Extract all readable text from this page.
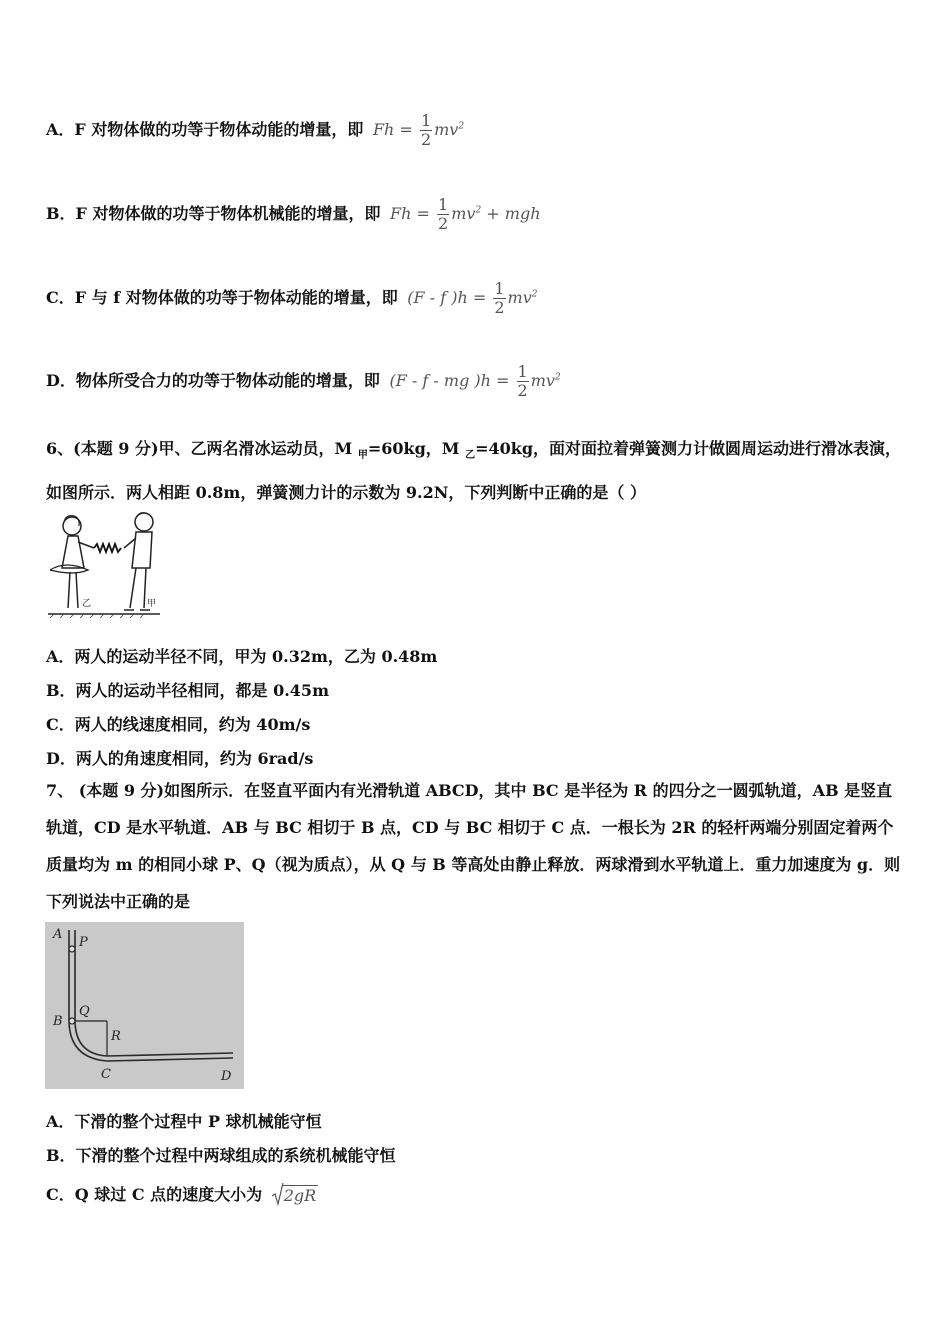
A．F 对物体做的功等于物体动能的增量，即 $Fh = \frac{1}{2} mv^2$
B．F 对物体做的功等于物体机械能的增量，即 $Fh = \frac{1}{2} mv^2$ + mgh
C．F 与 f 对物体做的功等于物体动能的增量，即 (F - f )$h = \frac{1}{2} mv^2$
D．物体所受合力的功等于物体动能的增量，即 (F - f - mg )$h = \frac{1}{2} mv^2$
6、(本题 9 分)甲、乙两名滑冰运动员，M $_甲$=60kg，M $_乙$=40kg，面对面拉着弹簧测力计做圆周运动进行滑冰表演，如图所示．两人相距 0.8m，弹簧测力计的示数为 9.2N，下列判断中正确的是（ ）
乙	甲
A．两人的运动半径不同，甲为 0.32m，乙为 0.48m
B．两人的运动半径相同，都是 0.45m
C．两人的线速度相同，约为 40m/s
D．两人的角速度相同，约为 6rad/s
7、 (本题 9 分)如图所示．在竖直平面内有光滑轨道 ABCD，其中 BC 是半径为 R 的四分之一圆弧轨道，AB 是竖直轨道，CD 是水平轨道．AB 与 BC 相切于 B 点，CD 与 BC 相切于 C 点．一根长为 2R 的轻杆两端分别固定着两个质量均为 m 的相同小球 P、Q（视为质点），从 Q 与 B 等高处由静止释放．两球滑到水平轨道上．重力加速度为 g．则下列说法中正确的是
A
P
Q
B
R
C	D
A．下滑的整个过程中 P 球机械能守恒
B．下滑的整个过程中两球组成的系统机械能守恒
C．Q 球过 C 点的速度大小为 2gR
